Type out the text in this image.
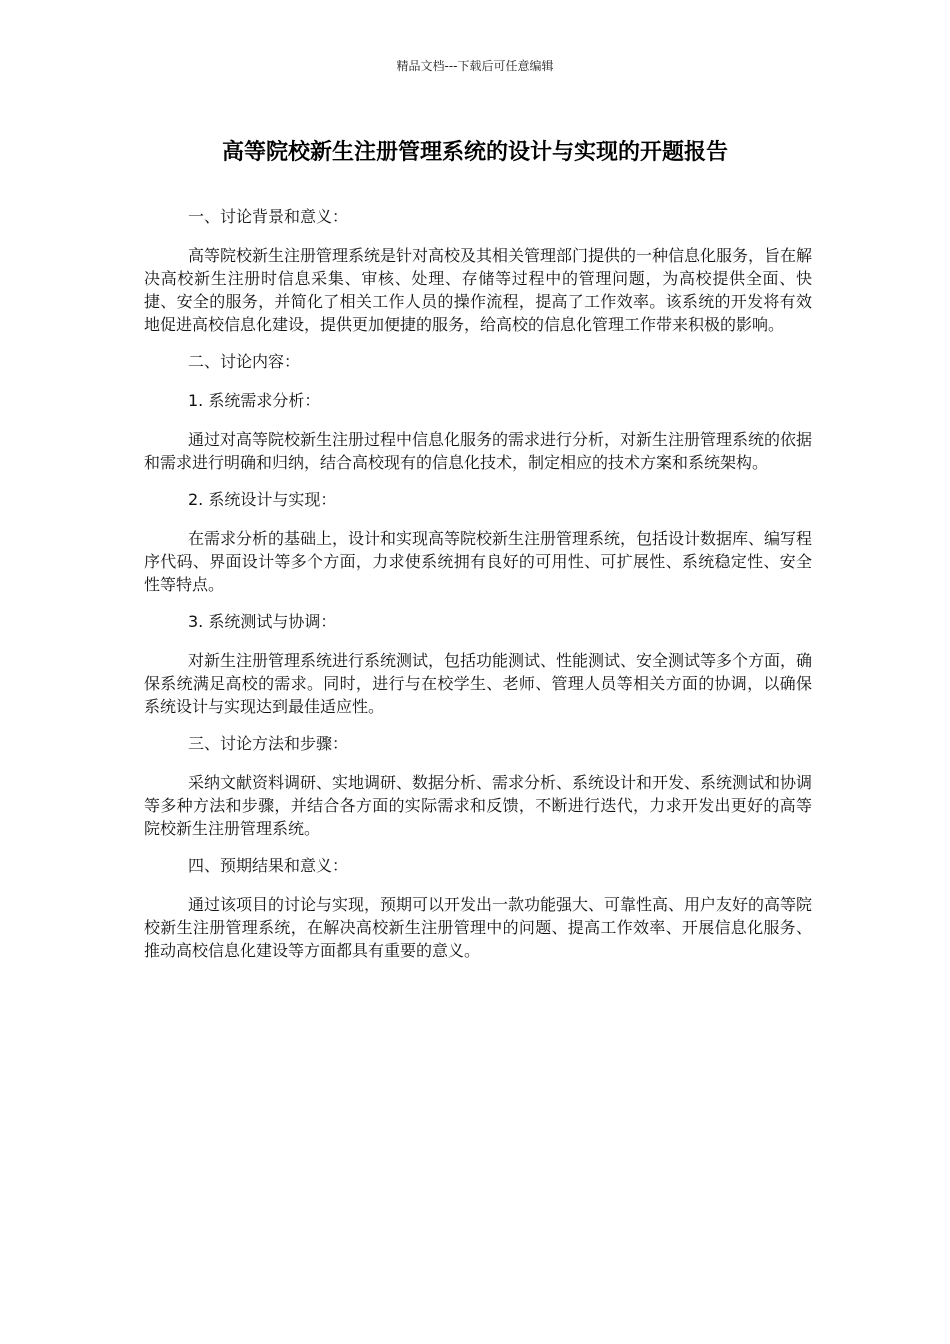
精品文档---下载后可任意编辑
高等院校新生注册管理系统的设计与实现的开题报告

一、讨论背景和意义：

高等院校新生注册管理系统是针对高校及其相关管理部门提供的一种信息化服务，旨在解决高校新生注册时信息采集、审核、处理、存储等过程中的管理问题，为高校提供全面、快捷、安全的服务，并简化了相关工作人员的操作流程，提高了工作效率。该系统的开发将有效地促进高校信息化建设，提供更加便捷的服务，给高校的信息化管理工作带来积极的影响。

二、讨论内容：

1. 系统需求分析：

通过对高等院校新生注册过程中信息化服务的需求进行分析，对新生注册管理系统的依据和需求进行明确和归纳，结合高校现有的信息化技术，制定相应的技术方案和系统架构。

2. 系统设计与实现：

在需求分析的基础上，设计和实现高等院校新生注册管理系统，包括设计数据库、编写程序代码、界面设计等多个方面，力求使系统拥有良好的可用性、可扩展性、系统稳定性、安全性等特点。

3. 系统测试与协调：

对新生注册管理系统进行系统测试，包括功能测试、性能测试、安全测试等多个方面，确保系统满足高校的需求。同时，进行与在校学生、老师、管理人员等相关方面的协调，以确保系统设计与实现达到最佳适应性。

三、讨论方法和步骤：

采纳文献资料调研、实地调研、数据分析、需求分析、系统设计和开发、系统测试和协调等多种方法和步骤，并结合各方面的实际需求和反馈，不断进行迭代，力求开发出更好的高等院校新生注册管理系统。

四、预期结果和意义：

通过该项目的讨论与实现，预期可以开发出一款功能强大、可靠性高、用户友好的高等院校新生注册管理系统，在解决高校新生注册管理中的问题、提高工作效率、开展信息化服务、推动高校信息化建设等方面都具有重要的意义。
